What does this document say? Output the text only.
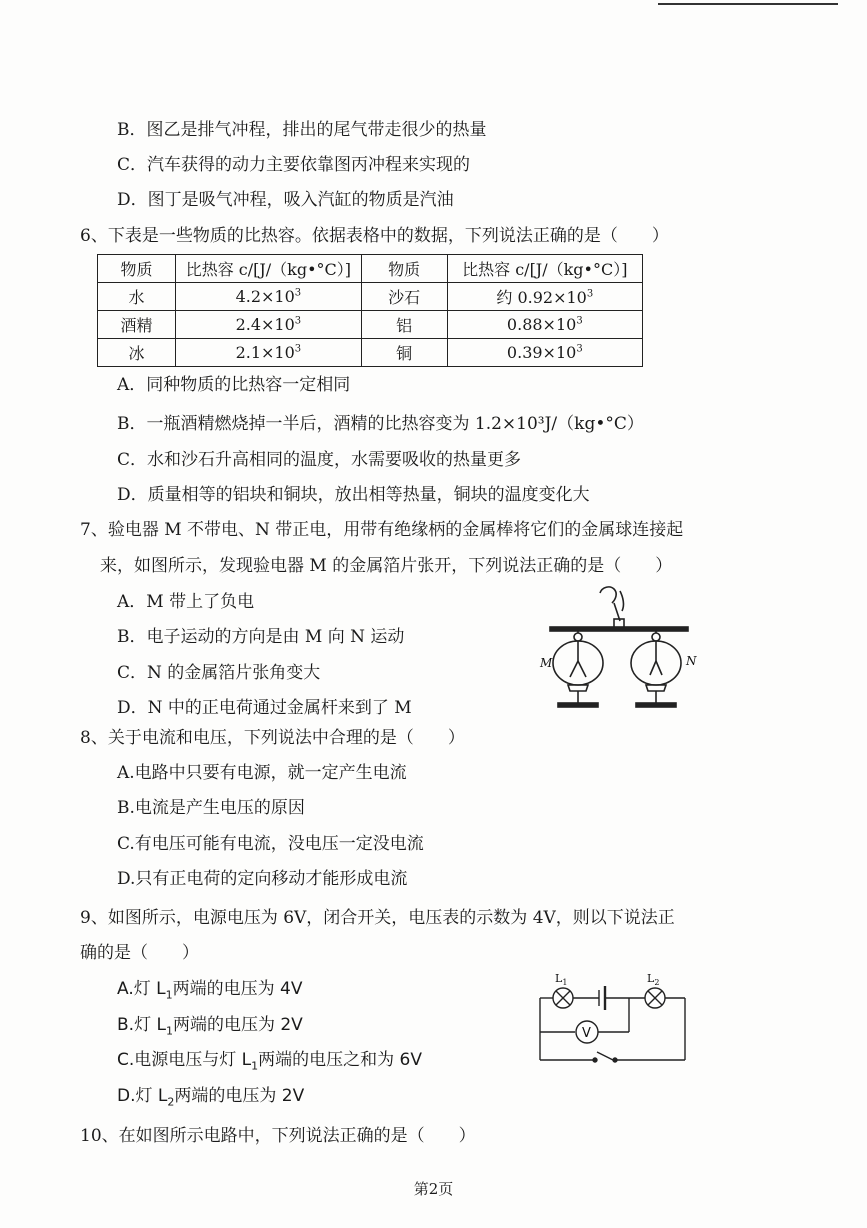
B．图乙是排气冲程，排出的尾气带走很少的热量
C．汽车获得的动力主要依靠图丙冲程来实现的
D．图丁是吸气冲程，吸入汽缸的物质是汽油
6、下表是一些物质的比热容。依据表格中的数据，下列说法正确的是（　　）
物质	比热容 c/[J/（kg•°C）]	物质	比热容 c/[J/（kg•°C）]
水	$4.2\times 10^3$	沙石	约 $0.92\times 10^3$
酒精	$2.4\times 10^3$	铝	$0.88\times 10^3$
冰	$2.1\times 10^3$	铜	$0.39\times 10^3$
A．同种物质的比热容一定相同
B．一瓶酒精燃烧掉一半后，酒精的比热容变为 1.2×10³J/（kg•°C）
C．水和沙石升高相同的温度，水需要吸收的热量更多
D．质量相等的铝块和铜块，放出相等热量，铜块的温度变化大
7、验电器 M 不带电、N 带正电，用带有绝缘柄的金属棒将它们的金属球连接起
来，如图所示，发现验电器 M 的金属箔片张开，下列说法正确的是（　　）
A．M 带上了负电
B．电子运动的方向是由 M 向 N 运动
C．N 的金属箔片张角变大
D．N 中的正电荷通过金属杆来到了 M
M	N
8、关于电流和电压，下列说法中合理的是（　　）
A.电路中只要有电源，就一定产生电流
B.电流是产生电压的原因
C.有电压可能有电流，没电压一定没电流
D.只有正电荷的定向移动才能形成电流
9、如图所示，电源电压为 6V，闭合开关，电压表的示数为 4V，则以下说法正
确的是（　　）
A.灯 $L_1$两端的电压为 4V
B.灯 $L_1$两端的电压为 2V
C.电源电压与灯 $L_1$两端的电压之和为 6V
D.灯 $L_2$两端的电压为 2V
V
$L_1$	$L_2$
10、在如图所示电路中，下列说法正确的是（　　）
第2页
